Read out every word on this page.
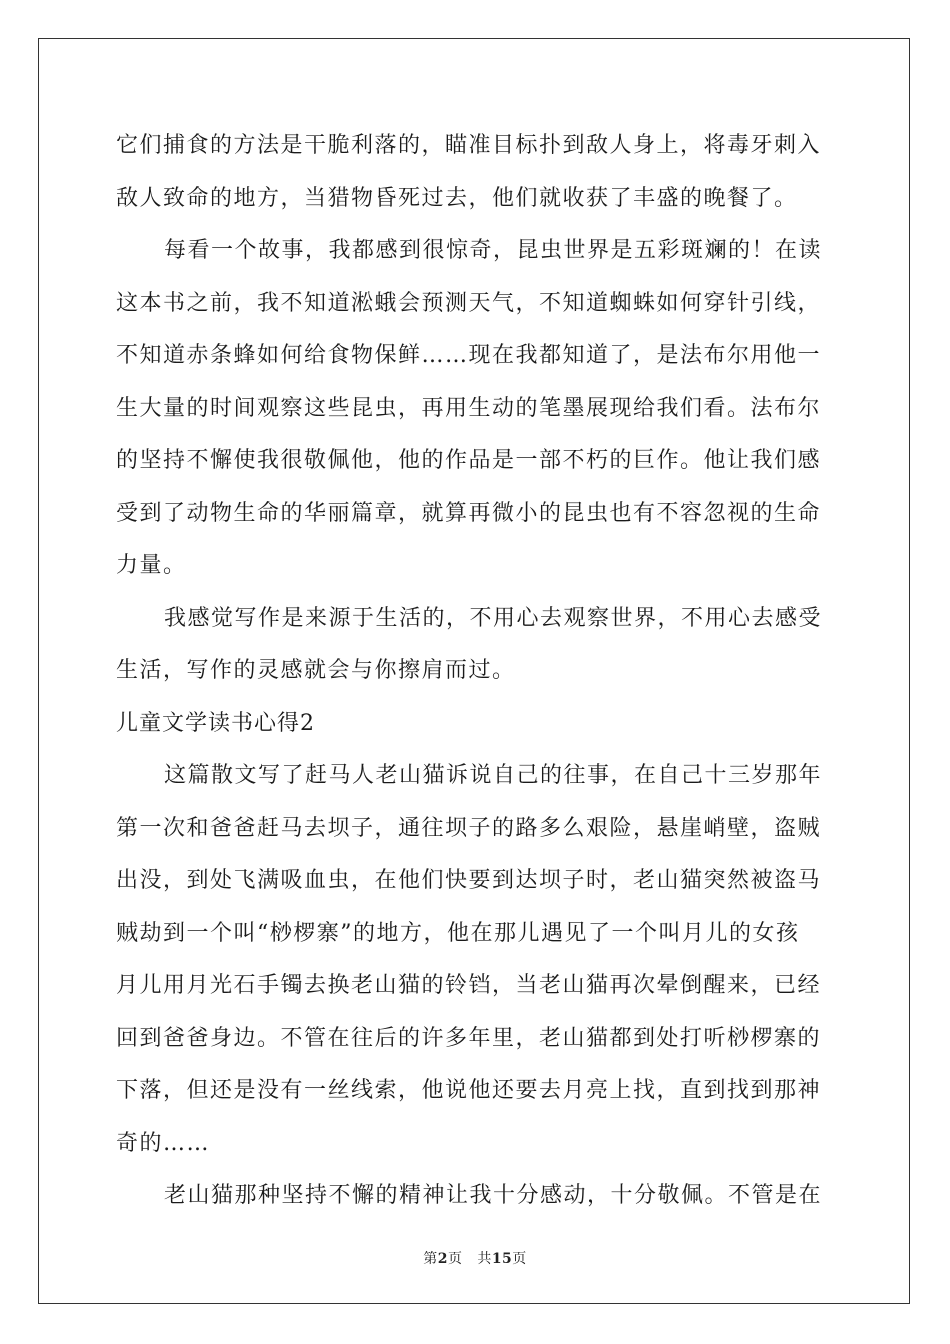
它们捕食的方法是干脆利落的，瞄准目标扑到敌人身上，将毒牙刺入
敌人致命的地方，当猎物昏死过去，他们就收获了丰盛的晚餐了。
每看一个故事，我都感到很惊奇，昆虫世界是五彩斑斓的！在读
这本书之前，我不知道淞蛾会预测天气，不知道蜘蛛如何穿针引线，
不知道赤条蜂如何给食物保鲜……现在我都知道了，是法布尔用他一
生大量的时间观察这些昆虫，再用生动的笔墨展现给我们看。法布尔
的坚持不懈使我很敬佩他，他的作品是一部不朽的巨作。他让我们感
受到了动物生命的华丽篇章，就算再微小的昆虫也有不容忽视的生命
力量。
我感觉写作是来源于生活的，不用心去观察世界，不用心去感受
生活，写作的灵感就会与你擦肩而过。
儿童文学读书心得2
这篇散文写了赶马人老山猫诉说自己的往事，在自己十三岁那年
第一次和爸爸赶马去坝子，通往坝子的路多么艰险，悬崖峭壁，盗贼
出没，到处飞满吸血虫，在他们快要到达坝子时，老山猫突然被盗马
贼劫到一个叫“桫椤寨”的地方，他在那儿遇见了一个叫月儿的女孩
月儿用月光石手镯去换老山猫的铃铛，当老山猫再次晕倒醒来，已经
回到爸爸身边。不管在往后的许多年里，老山猫都到处打听桫椤寨的
下落，但还是没有一丝线索，他说他还要去月亮上找，直到找到那神
奇的……
老山猫那种坚持不懈的精神让我十分感动，十分敬佩。不管是在
第2页 共15页
